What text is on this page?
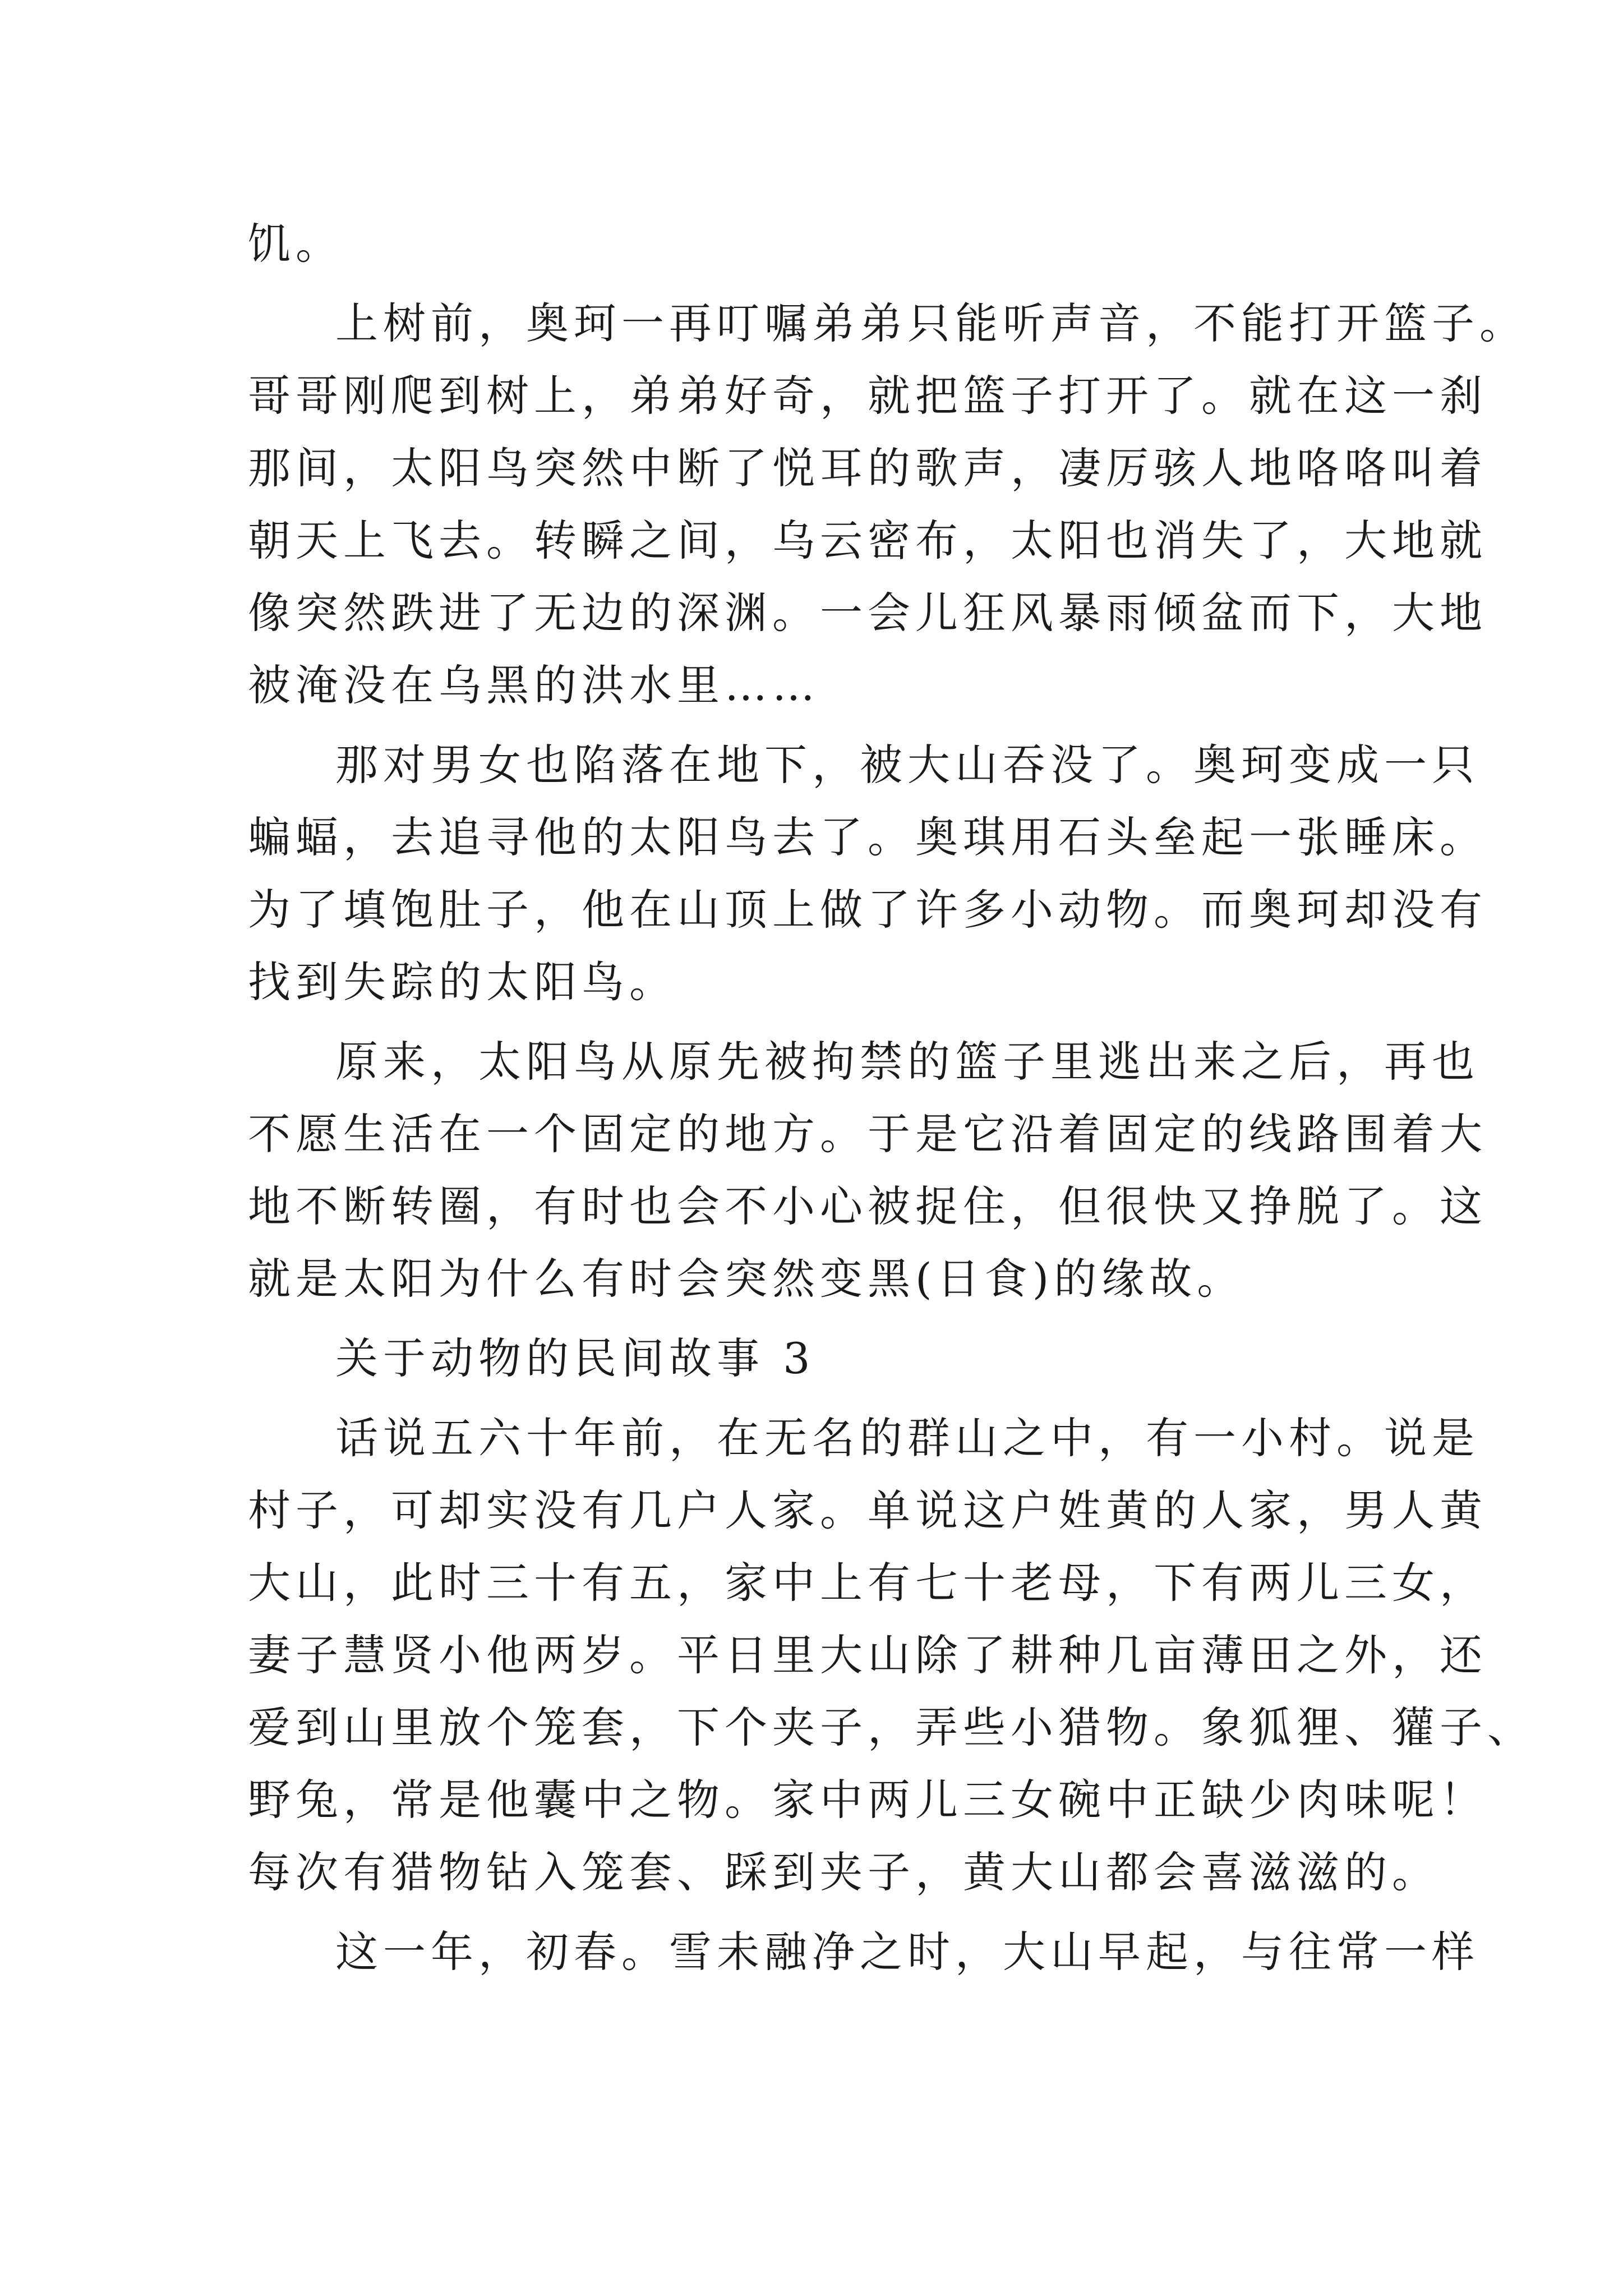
饥。
上树前，奥珂一再叮嘱弟弟只能听声音，不能打开篮子。
哥哥刚爬到树上，弟弟好奇，就把篮子打开了。就在这一刹
那间，太阳鸟突然中断了悦耳的歌声，凄厉骇人地咯咯叫着
朝天上飞去。转瞬之间，乌云密布，太阳也消失了，大地就
像突然跌进了无边的深渊。一会儿狂风暴雨倾盆而下，大地
被淹没在乌黑的洪水里……
那对男女也陷落在地下，被大山吞没了。奥珂变成一只
蝙蝠，去追寻他的太阳鸟去了。奥琪用石头垒起一张睡床。
为了填饱肚子，他在山顶上做了许多小动物。而奥珂却没有
找到失踪的太阳鸟。
原来，太阳鸟从原先被拘禁的篮子里逃出来之后，再也
不愿生活在一个固定的地方。于是它沿着固定的线路围着大
地不断转圈，有时也会不小心被捉住，但很快又挣脱了。这
就是太阳为什么有时会突然变黑(日食)的缘故。
关于动物的民间故事 3
话说五六十年前，在无名的群山之中，有一小村。说是
村子，可却实没有几户人家。单说这户姓黄的人家，男人黄
大山，此时三十有五，家中上有七十老母，下有两儿三女，
妻子慧贤小他两岁。平日里大山除了耕种几亩薄田之外，还
爱到山里放个笼套，下个夹子，弄些小猎物。象狐狸、獾子、
野兔，常是他囊中之物。家中两儿三女碗中正缺少肉味呢！
每次有猎物钻入笼套、踩到夹子，黄大山都会喜滋滋的。
这一年，初春。雪未融净之时，大山早起，与往常一样
